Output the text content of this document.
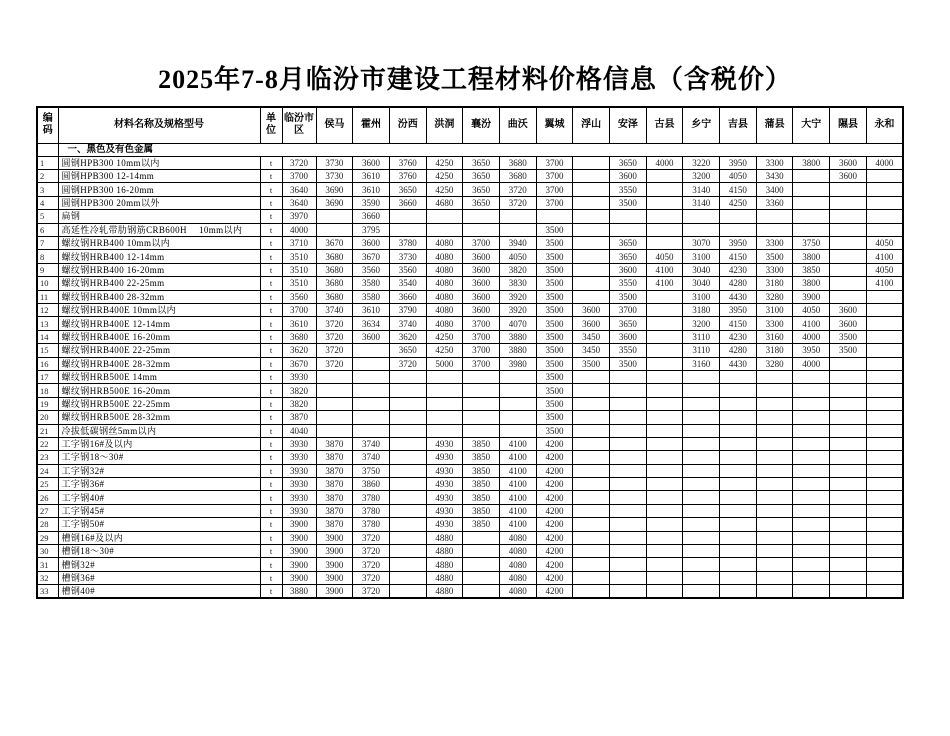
2025年7-8月临汾市建设工程材料价格信息（含税价）
编码	材料名称及规格型号	单位	临汾市区	侯马	霍州	汾西	洪洞	襄汾	曲沃	翼城	浮山	安泽	古县	乡宁	吉县	蒲县	大宁	隰县	永和
	一、黑色及有色金属																		
1	圆钢HPB300 10mm以内	t	3720	3730	3600	3760	4250	3650	3680	3700		3650	4000	3220	3950	3300	3800	3600	4000
2	圆钢HPB300 12-14mm	t	3700	3730	3610	3760	4250	3650	3680	3700		3600		3200	4050	3430		3600	
3	圆钢HPB300 16-20mm	t	3640	3690	3610	3650	4250	3650	3720	3700		3550		3140	4150	3400			
4	圆钢HPB300 20mm以外	t	3640	3690	3590	3660	4680	3650	3720	3700		3500		3140	4250	3360			
5	扁钢	t	3970		3660														
6	高延性冷轧带肋钢筋CRB600H　 10mm以内	t	4000		3795					3500									
7	螺纹钢HRB400 10mm以内	t	3710	3670	3600	3780	4080	3700	3940	3500		3650		3070	3950	3300	3750		4050
8	螺纹钢HRB400 12-14mm	t	3510	3680	3670	3730	4080	3600	4050	3500		3650	4050	3100	4150	3500	3800		4100
9	螺纹钢HRB400 16-20mm	t	3510	3680	3560	3560	4080	3600	3820	3500		3600	4100	3040	4230	3300	3850		4050
10	螺纹钢HRB400 22-25mm	t	3510	3680	3580	3540	4080	3600	3830	3500		3550	4100	3040	4280	3180	3800		4100
11	螺纹钢HRB400 28-32mm	t	3560	3680	3580	3660	4080	3600	3920	3500		3500		3100	4430	3280	3900		
12	螺纹钢HRB400E 10mm以内	t	3700	3740	3610	3790	4080	3600	3920	3500	3600	3700		3180	3950	3100	4050	3600	
13	螺纹钢HRB400E 12-14mm	t	3610	3720	3634	3740	4080	3700	4070	3500	3600	3650		3200	4150	3300	4100	3600	
14	螺纹钢HRB400E 16-20mm	t	3680	3720	3600	3620	4250	3700	3880	3500	3450	3600		3110	4230	3160	4000	3500	
15	螺纹钢HRB400E 22-25mm	t	3620	3720		3650	4250	3700	3880	3500	3450	3550		3110	4280	3180	3950	3500	
16	螺纹钢HRB400E 28-32mm	t	3670	3720		3720	5000	3700	3980	3500	3500	3500		3160	4430	3280	4000		
17	螺纹钢HRB500E 14mm	t	3930							3500									
18	螺纹钢HRB500E 16-20mm	t	3820							3500									
19	螺纹钢HRB500E 22-25mm	t	3820							3500									
20	螺纹钢HRB500E 28-32mm	t	3870							3500									
21	冷拔低碳钢丝5mm以内	t	4040							3500									
22	工字钢16#及以内	t	3930	3870	3740		4930	3850	4100	4200									
23	工字钢18～30#	t	3930	3870	3740		4930	3850	4100	4200									
24	工字钢32#	t	3930	3870	3750		4930	3850	4100	4200									
25	工字钢36#	t	3930	3870	3860		4930	3850	4100	4200									
26	工字钢40#	t	3930	3870	3780		4930	3850	4100	4200									
27	工字钢45#	t	3930	3870	3780		4930	3850	4100	4200									
28	工字钢50#	t	3900	3870	3780		4930	3850	4100	4200									
29	槽钢16#及以内	t	3900	3900	3720		4880		4080	4200									
30	槽钢18～30#	t	3900	3900	3720		4880		4080	4200									
31	槽钢32#	t	3900	3900	3720		4880		4080	4200									
32	槽钢36#	t	3900	3900	3720		4880		4080	4200									
33	槽钢40#	t	3880	3900	3720		4880		4080	4200									
